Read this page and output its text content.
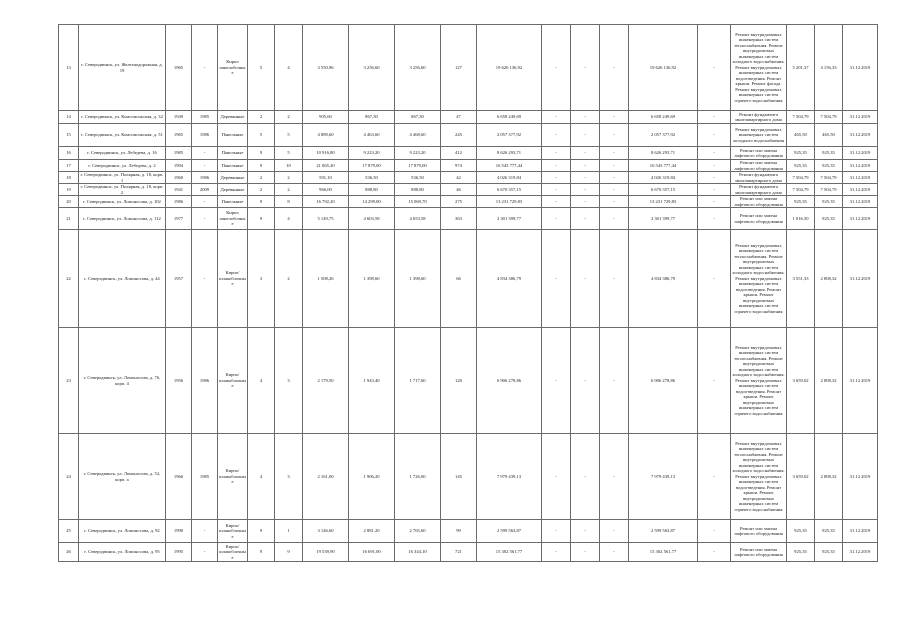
13	г. Северодвинск, ул. Железнодорожная, д. 19	1965	-	Кирпо панелобочныe	5	4	3 550,96	3 256,60	3 256,60	127	19 626 136,92	-	-	-	19 626 136,92	-	Ремонт внутридомовых инженерных систем теплоснабжения. Ремонт внутридомовых инженерных систем холодного водоснабжения. Ремонт внутридомовых инженерных систем водоотведения. Ремонт крыши. Ремонт фасада. Ремонт внутридомовых инженерных систем горячего водоснабжения	5 201,37	4 156,33	31.12.2019
14	г. Северодвинск, ул. Комсомольская, д. 32	1949	1985	Деревянные	2	2	905,60	867,30	867,30	47	6 658 249,69	-	-	-	6 658 249,69	-	Ремонт фундамента многоквартирного дома	7 504,79	7 504,79	31.12.2019
15	г. Северодвинск, ул. Комсомольская, д. 51	1965	1986	Панельные	5	5	4 889,60	4 463,60	4 468,60	245	2 057 377,92	-	-	-	2 057 377,92	-	Ремонт внутридомовых инженерных систем холодного водоснабжения	465,50	465,50	31.12.2019
16	г. Северодвинск, ул. Лебедева, д. 16	1985	-	Панельные	9	5	10 916,80	9 223,20	9 223,20	412	8 626 293,71	-	-	-	8 626 293,71	-	Ремонт или замена лифтового оборудования	925,35	925,35	31.12.2019
17	г. Северодвинск, ул. Лебедева, д. 2	1994	-	Панельные	9	10	21 065,20	17 879,00	17 879,00	974	16 543 777,44	-	-	-	16 543 777,44	-	Ремонт или замена лифтового оборудования	925,35	925,35	31.12.2019
18	г. Северодвинск, ул. Полярная, д. 18, корп. 1	1960	1986	Деревянные	2	2	591,10	536,50	536,50	42	4 026 319,84	-	-	-	4 026 319,84	-	Ремонт фундамента многоквартирного дома	7 504,79	7 504,79	31.12.2019
19	г. Северодвинск, ул. Полярная, д. 18, корп. 2	1941	2009	Деревянные	2	2	966,00	888,80	888,80	46	6 670 357,15	-	-	-	6 670 357,15	-	Ремонт фундамента многоквартирного дома	7 504,79	7 504,79	31.12.2019
20	г. Северодвинск, ул. Ломоносова, д. 102	1986	-	Панельные	9	8	16 792,20	14 299,00	15 069,70	275	13 231 729,83	-	-	-	13 231 729,83	-	Ремонт или замена лифтового оборудования	925,35	925,35	31.12.2019
21	г. Северодвинск, ул. Ломоносова, д. 112	1977	-	Кирпо панелобочныe	9	4	5 149,75	4 603,58	4 653,58	363	2 301 399,77	-	-	-	2 301 399,77	-	Ремонт или замена лифтового оборудования	1 016,50	925,35	31.12.2019
22	г. Северодвинск, ул. Ломоносова, д. 44	1957	-	Кирпо/ шлакоблочные	3	2	1 508,26	1 398,60	1 398,60	66	4 834 386,79	-	-	-	4 834 386,79	-	Ремонт внутридомовых инженерных систем теплоснабжения. Ремонт внутридомовых инженерных систем холодного водоснабжения. Ремонт внутридомовых инженерных систем водоотведения. Ремонт крыши. Ремонт внутридомовых инженерных систем горячего водоснабжения	3 551,33	2 808,32	31.12.2019
23	г. Северодвинск, ул. Ломоносова, д. 76, корп. 4	1956	1986	Кирпо/ шлакоблочные	4	3	2 179,50	1 943,40	1 717,60	120	6 906 278,86	-	-	-	6 906 278,86	-	Ремонт внутридомовых инженерных систем теплоснабжения. Ремонт внутридомовых инженерных систем холодного водоснабжения. Ремонт внутридомовых инженерных систем водоотведения. Ремонт крыши. Ремонт внутридомовых инженерных систем горячего водоснабжения	3 659,02	2 808,32	31.12.2019
24	г. Северодвинск, ул. Ломоносова, д. 52, корп. а	1966	1985	Кирпо/ шлакоблочные	4	3	2 161,00	1 906,20	1 726,00	145	7 979 439,13	-	-	-	7 979 439,13	-	Ремонт внутридомовых инженерных систем теплоснабжения. Ремонт внутридомовых инженерных систем холодного водоснабжения. Ремонт внутридомовых инженерных систем водоотведения. Ремонт крыши. Ремонт внутридомовых инженерных систем горячего водоснабжения	3 659,02	2 808,32	31.12.2019
25	г. Северодвинск, ул. Ломоносова, д. 92	1990	-	Кирпо/ шлакоблочные	9	1	3 146,60	2 881,20	2 765,60	99	2 599 563,87	-	-	-	2 599 563,87	-	Ремонт или замена лифтового оборудования	925,35	925,35	31.12.2019
26	г. Северодвинск, ул. Ломоносова, д. 95	1995	-	Кирпо/ шлакоблочные	9	9	19 539,90	16 691,00	16 344,10	721	15 302 561,77	-	-	-	15 302 561,77	-	Ремонт или замена лифтового оборудования	925,35	925,35	31.12.2019
